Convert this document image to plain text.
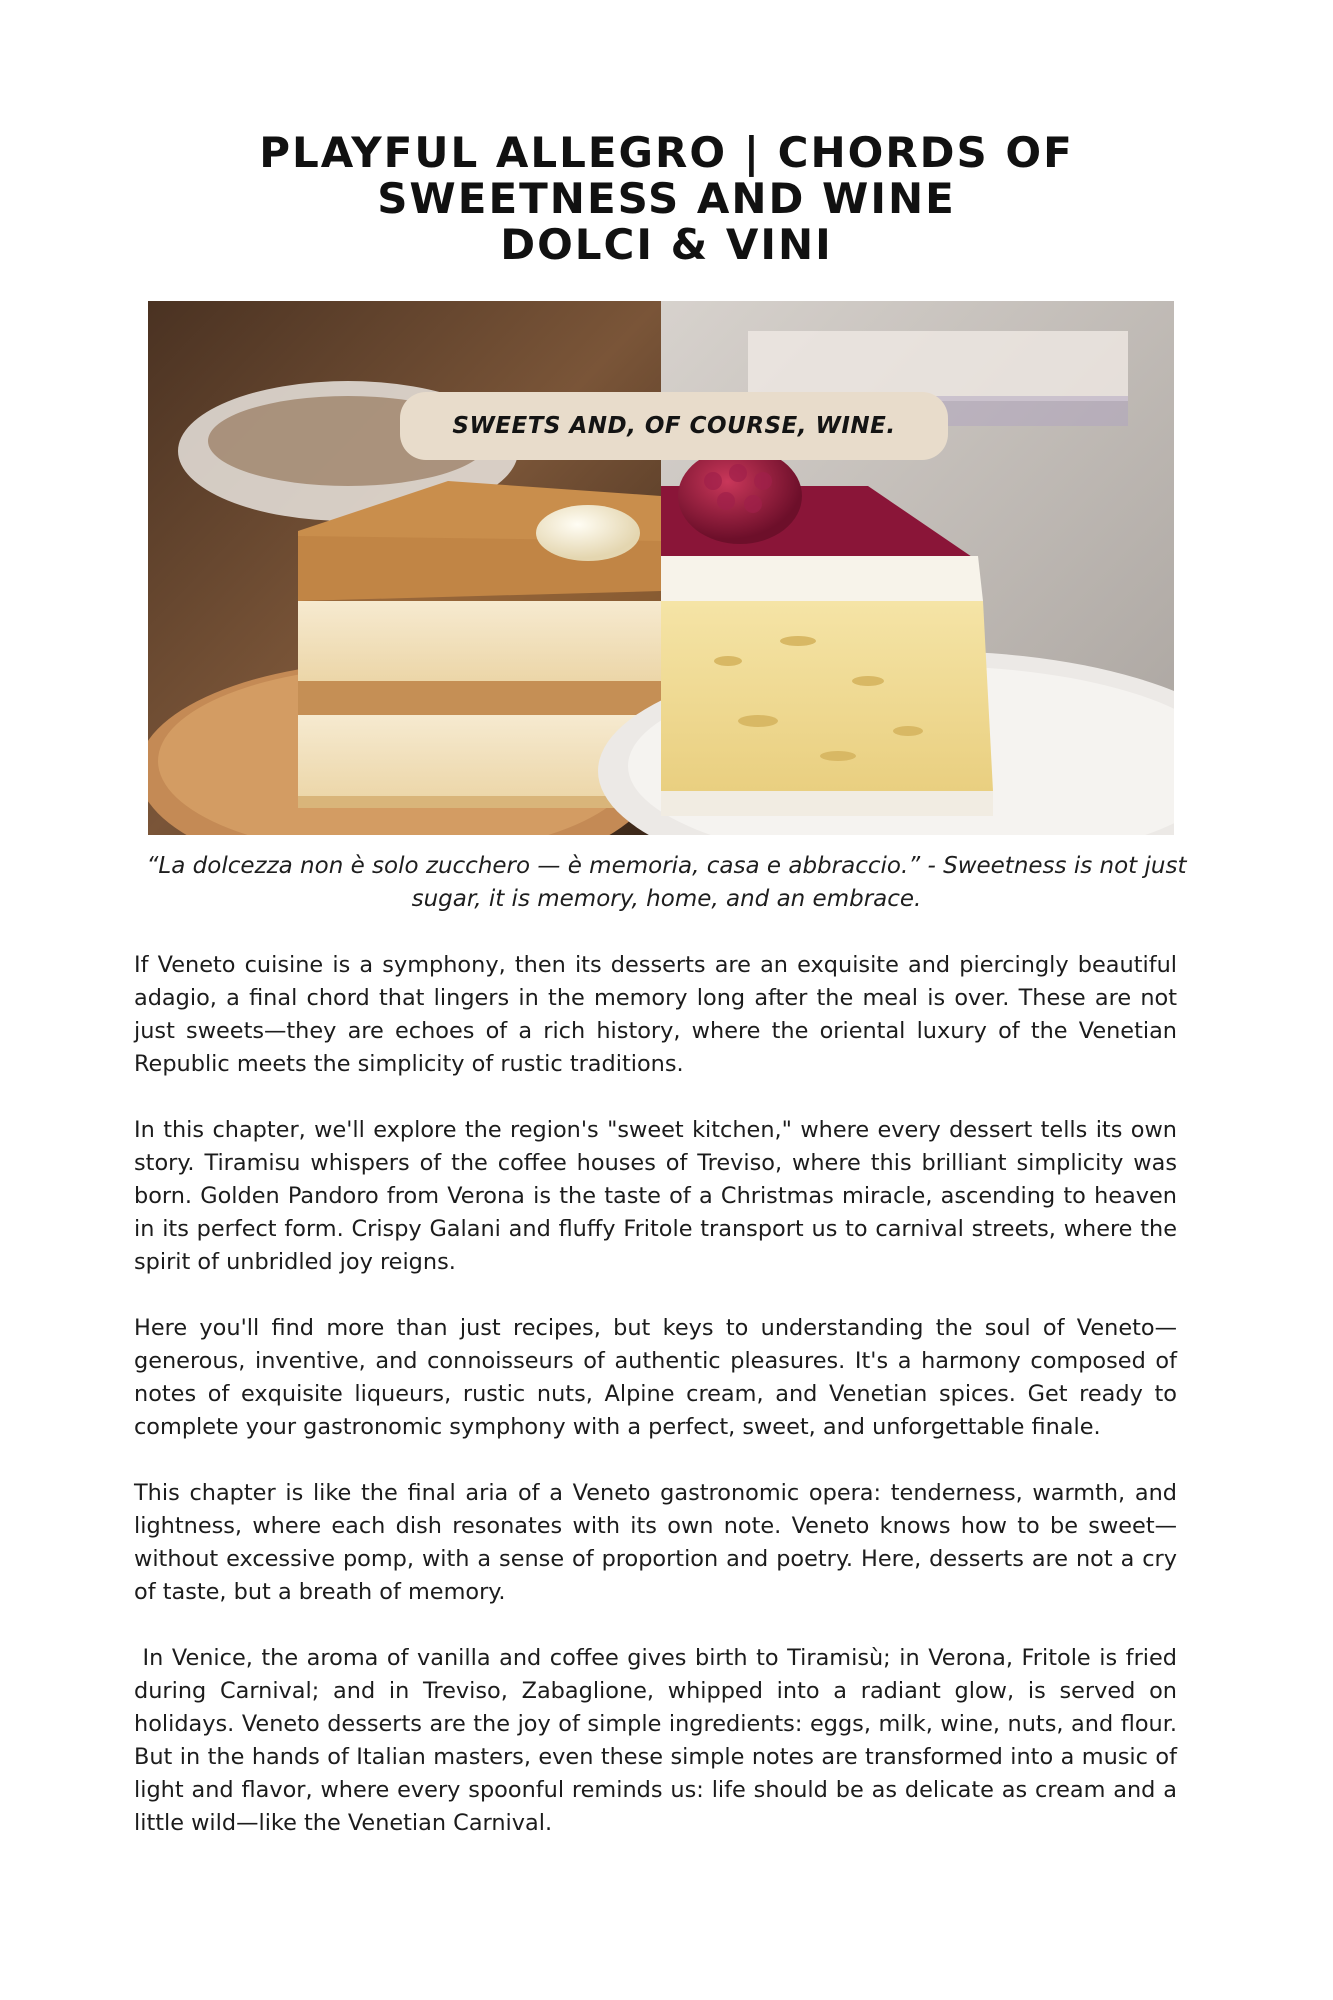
PLAYFUL ALLEGRO | CHORDS OF
SWEETNESS AND WINE
DOLCI & VINI
SWEETS AND, OF COURSE, WINE.

“La dolcezza non è solo zucchero — è memoria, casa e abbraccio.” - Sweetness is not just sugar, it is memory, home, and an embrace.

If Veneto cuisine is a symphony, then its desserts are an exquisite and piercingly beautiful adagio, a final chord that lingers in the memory long after the meal is over. These are not just sweets—they are echoes of a rich history, where the oriental luxury of the Venetian Republic meets the simplicity of rustic traditions.

In this chapter, we'll explore the region's "sweet kitchen," where every dessert tells its own story. Tiramisu whispers of the coffee houses of Treviso, where this brilliant simplicity was born. Golden Pandoro from Verona is the taste of a Christmas miracle, ascending to heaven in its perfect form. Crispy Galani and fluffy Fritole transport us to carnival streets, where the spirit of unbridled joy reigns.

Here you'll find more than just recipes, but keys to understanding the soul of Veneto—generous, inventive, and connoisseurs of authentic pleasures. It's a harmony composed of notes of exquisite liqueurs, rustic nuts, Alpine cream, and Venetian spices. Get ready to complete your gastronomic symphony with a perfect, sweet, and unforgettable finale.

This chapter is like the final aria of a Veneto gastronomic opera: tenderness, warmth, and lightness, where each dish resonates with its own note. Veneto knows how to be sweet—without excessive pomp, with a sense of proportion and poetry. Here, desserts are not a cry of taste, but a breath of memory.

In Venice, the aroma of vanilla and coffee gives birth to Tiramisù; in Verona, Fritole is fried during Carnival; and in Treviso, Zabaglione, whipped into a radiant glow, is served on holidays. Veneto desserts are the joy of simple ingredients: eggs, milk, wine, nuts, and flour. But in the hands of Italian masters, even these simple notes are transformed into a music of light and flavor, where every spoonful reminds us: life should be as delicate as cream and a little wild—like the Venetian Carnival.
